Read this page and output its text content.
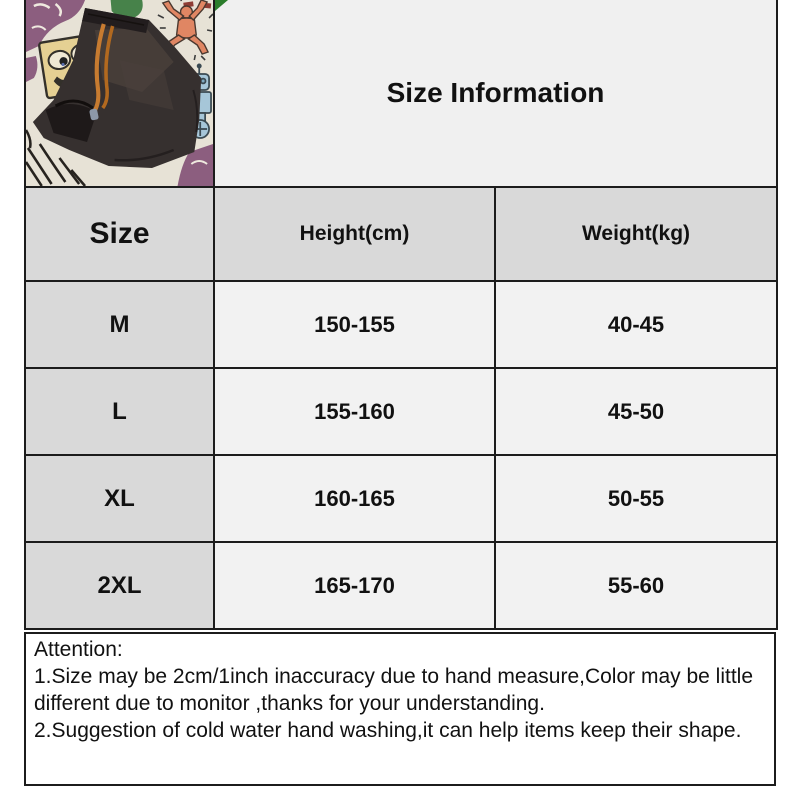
Size Information	
Size	Height(cm)	Weight(kg)
M	150-155	40-45
L	155-160	45-50
XL	160-165	50-55
2XL	165-170	55-60

Attention:

1.Size may be 2cm/1inch inaccuracy due to hand measure,Color may be little different due to monitor ,thanks for your understanding.

2.Suggestion of cold water hand washing,it can help items keep their shape.
